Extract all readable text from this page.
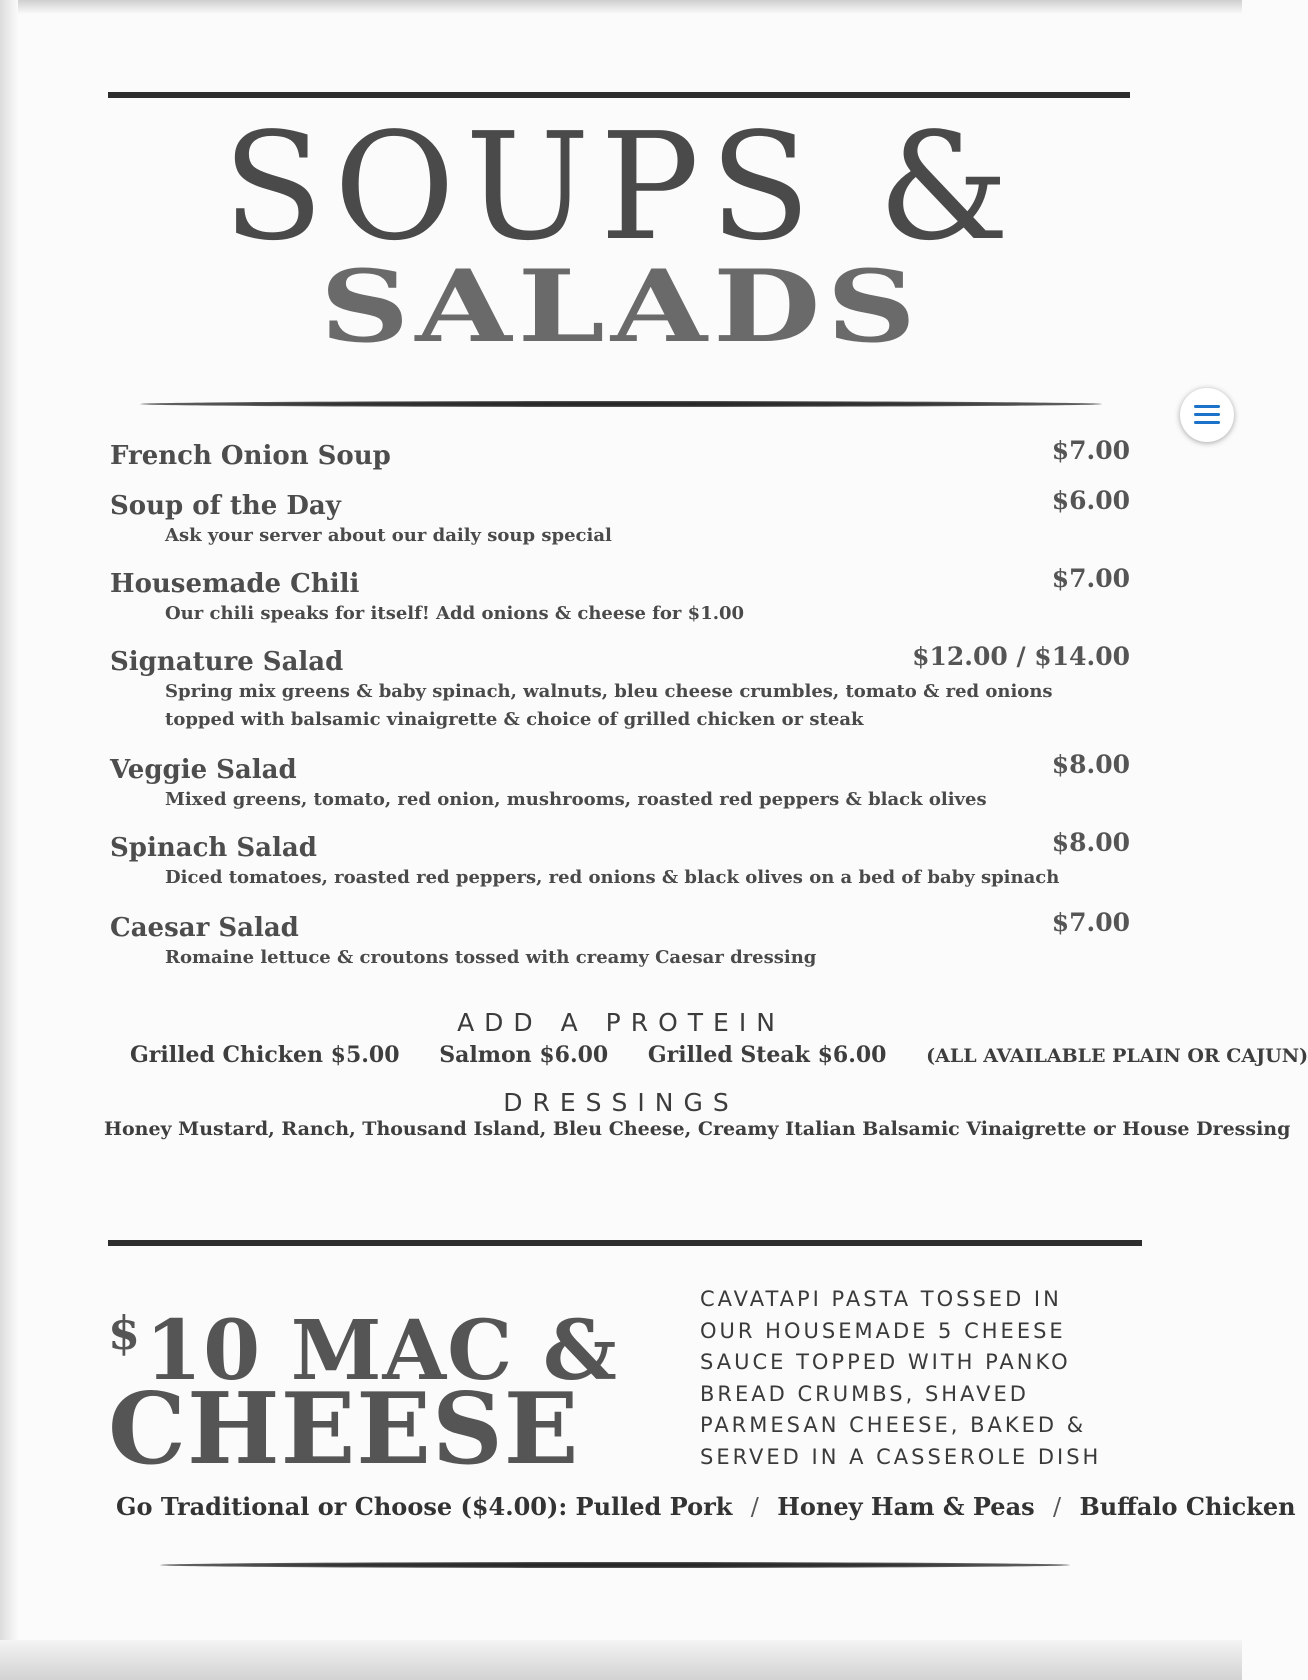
SOUPS &
SALADS
French Onion Soup	$7.00
Soup of the Day	$6.00
Ask your server about our daily soup special
Housemade Chili	$7.00
Our chili speaks for itself! Add onions & cheese for $1.00
Signature Salad	$12.00 / $14.00
Spring mix greens & baby spinach, walnuts, bleu cheese crumbles, tomato & red onions
topped with balsamic vinaigrette & choice of grilled chicken or steak
Veggie Salad	$8.00
Mixed greens, tomato, red onion, mushrooms, roasted red peppers & black olives
Spinach Salad	$8.00
Diced tomatoes, roasted red peppers, red onions & black olives on a bed of baby spinach
Caesar Salad	$7.00
Romaine lettuce & croutons tossed with creamy Caesar dressing
ADD A PROTEIN
Grilled Chicken $5.00 Salmon $6.00 Grilled Steak $6.00 (ALL AVAILABLE PLAIN OR CAJUN)
DRESSINGS
Honey Mustard, Ranch, Thousand Island, Bleu Cheese, Creamy Italian Balsamic Vinaigrette or House Dressing
$10 MAC &
CHEESE
CAVATAPI PASTA TOSSED IN
OUR HOUSEMADE 5 CHEESE
SAUCE TOPPED WITH PANKO
BREAD CRUMBS, SHAVED
PARMESAN CHEESE, BAKED &
SERVED IN A CASSEROLE DISH
Go Traditional or Choose ($4.00): Pulled Pork / Honey Ham & Peas / Buffalo Chicken
